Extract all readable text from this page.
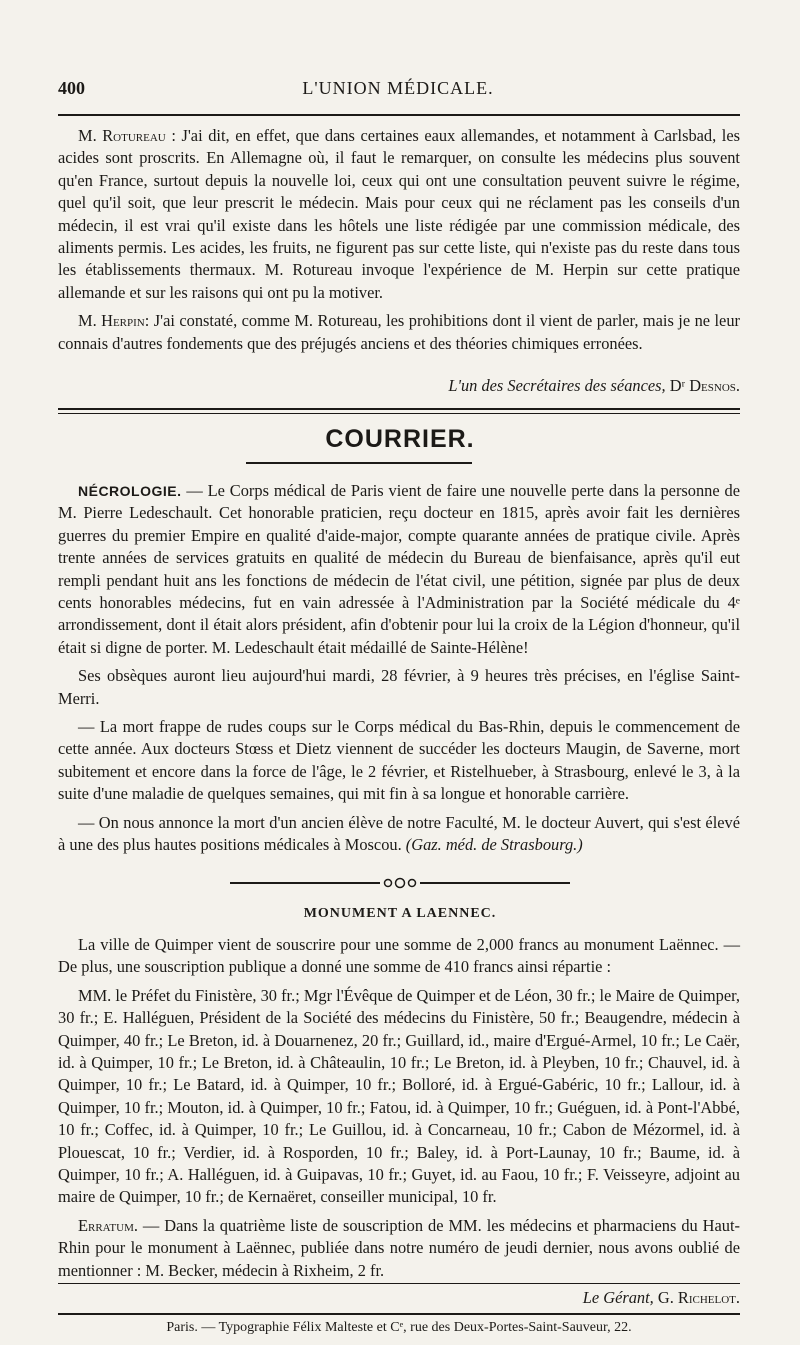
400	L'UNION MÉDICALE.

M. Rotureau : J'ai dit, en effet, que dans certaines eaux allemandes, et notamment à Carlsbad, les acides sont proscrits. En Allemagne où, il faut le remarquer, on consulte les médecins plus souvent qu'en France, surtout depuis la nouvelle loi, ceux qui ont une consultation peuvent suivre le régime, quel qu'il soit, que leur prescrit le médecin. Mais pour ceux qui ne réclament pas les conseils d'un médecin, il est vrai qu'il existe dans les hôtels une liste rédigée par une commission médicale, des aliments permis. Les acides, les fruits, ne figurent pas sur cette liste, qui n'existe pas du reste dans tous les établissements thermaux. M. Rotureau invoque l'expérience de M. Herpin sur cette pratique allemande et sur les raisons qui ont pu la motiver.

M. Herpin: J'ai constaté, comme M. Rotureau, les prohibitions dont il vient de parler, mais je ne leur connais d'autres fondements que des préjugés anciens et des théories chimiques erronées.

L'un des Secrétaires des séances, Dʳ Desnos.
COURRIER.

NÉCROLOGIE. — Le Corps médical de Paris vient de faire une nouvelle perte dans la personne de M. Pierre Ledeschault. Cet honorable praticien, reçu docteur en 1815, après avoir fait les dernières guerres du premier Empire en qualité d'aide-major, compte quarante années de pratique civile. Après trente années de services gratuits en qualité de médecin du Bureau de bienfaisance, après qu'il eut rempli pendant huit ans les fonctions de médecin de l'état civil, une pétition, signée par plus de deux cents honorables médecins, fut en vain adressée à l'Administration par la Société médicale du 4ᵉ arrondissement, dont il était alors président, afin d'obtenir pour lui la croix de la Légion d'honneur, qu'il était si digne de porter. M. Ledeschault était médaillé de Sainte-Hélène!

Ses obsèques auront lieu aujourd'hui mardi, 28 février, à 9 heures très précises, en l'église Saint-Merri.

— La mort frappe de rudes coups sur le Corps médical du Bas-Rhin, depuis le commencement de cette année. Aux docteurs Stœss et Dietz viennent de succéder les docteurs Maugin, de Saverne, mort subitement et encore dans la force de l'âge, le 2 février, et Ristelhueber, à Strasbourg, enlevé le 3, à la suite d'une maladie de quelques semaines, qui mit fin à sa longue et honorable carrière.

— On nous annonce la mort d'un ancien élève de notre Faculté, M. le docteur Auvert, qui s'est élevé à une des plus hautes positions médicales à Moscou. (Gaz. méd. de Strasbourg.)

MONUMENT A LAENNEC.

La ville de Quimper vient de souscrire pour une somme de 2,000 francs au monument Laënnec. — De plus, une souscription publique a donné une somme de 410 francs ainsi répartie :

MM. le Préfet du Finistère, 30 fr.; Mgr l'Évêque de Quimper et de Léon, 30 fr.; le Maire de Quimper, 30 fr.; E. Halléguen, Président de la Société des médecins du Finistère, 50 fr.; Beaugendre, médecin à Quimper, 40 fr.; Le Breton, id. à Douarnenez, 20 fr.; Guillard, id., maire d'Ergué-Armel, 10 fr.; Le Caër, id. à Quimper, 10 fr.; Le Breton, id. à Châteaulin, 10 fr.; Le Breton, id. à Pleyben, 10 fr.; Chauvel, id. à Quimper, 10 fr.; Le Batard, id. à Quimper, 10 fr.; Bolloré, id. à Ergué-Gabéric, 10 fr.; Lallour, id. à Quimper, 10 fr.; Mouton, id. à Quimper, 10 fr.; Fatou, id. à Quimper, 10 fr.; Guéguen, id. à Pont-l'Abbé, 10 fr.; Coffec, id. à Quimper, 10 fr.; Le Guillou, id. à Concarneau, 10 fr.; Cabon de Mézormel, id. à Plouescat, 10 fr.; Verdier, id. à Rosporden, 10 fr.; Baley, id. à Port-Launay, 10 fr.; Baume, id. à Quimper, 10 fr.; A. Halléguen, id. à Guipavas, 10 fr.; Guyet, id. au Faou, 10 fr.; F. Veisseyre, adjoint au maire de Quimper, 10 fr.; de Kernaëret, conseiller municipal, 10 fr.

Erratum. — Dans la quatrième liste de souscription de MM. les médecins et pharmaciens du Haut-Rhin pour le monument à Laënnec, publiée dans notre numéro de jeudi dernier, nous avons oublié de mentionner : M. Becker, médecin à Rixheim, 2 fr.

Le Gérant, G. Richelot.
Paris. — Typographie Félix Malteste et Cᵉ, rue des Deux-Portes-Saint-Sauveur, 22.
